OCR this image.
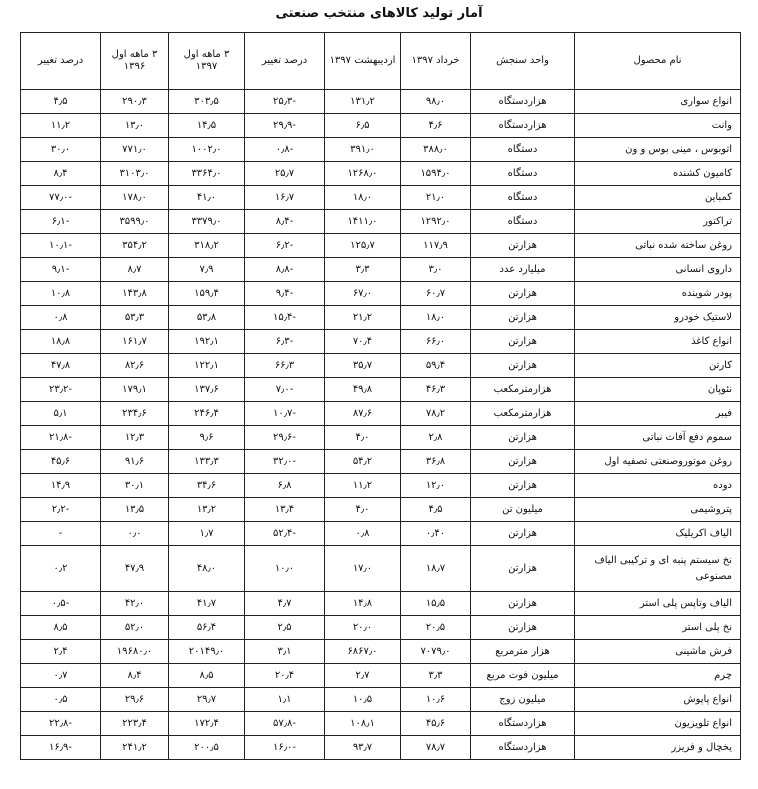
آمار تولید کالاهای منتخب صنعتی
نام محصول	واحد سنجش	خرداد ۱۳۹۷	اردیبهشت ۱۳۹۷	درصد تغییر	۳ ماهه اول ۱۳۹۷	۳ ماهه اول ۱۳۹۶	درصد تغییر
انواع سواری	هزاردستگاه	۹۸٫۰	۱۳۱٫۲	-۲۵٫۳	۳۰۳٫۵	۲۹۰٫۳	۴٫۵
وانت	هزاردستگاه	۴٫۶	۶٫۵	-۲۹٫۹	۱۴٫۵	۱۳٫۰	۱۱٫۲
اتوبوس ، مینی بوس و ون	دستگاه	۳۸۸٫۰	۳۹۱٫۰	-۰٫۸	۱۰۰۲٫۰	۷۷۱٫۰	۳۰٫۰
کامیون کشنده	دستگاه	۱۵۹۴٫۰	۱۲۶۸٫۰	۲۵٫۷	۳۳۶۴٫۰	۳۱۰۳٫۰	۸٫۴
کمباین	دستگاه	۲۱٫۰	۱۸٫۰	۱۶٫۷	۴۱٫۰	۱۷۸٫۰	-۷۷٫۰
تراکتور	دستگاه	۱۲۹۲٫۰	۱۴۱۱٫۰	-۸٫۴	۳۳۷۹٫۰	۳۵۹۹٫۰	-۶٫۱
روغن ساخته شده نباتی	هزارتن	۱۱۷٫۹	۱۲۵٫۷	-۶٫۲	۳۱۸٫۲	۳۵۴٫۲	-۱۰٫۱
داروی انسانی	میلیارد عدد	۳٫۰	۳٫۳	-۸٫۸	۷٫۹	۸٫۷	-۹٫۱
پودر شوینده	هزارتن	۶۰٫۷	۶۷٫۰	-۹٫۴	۱۵۹٫۴	۱۴۳٫۸	۱۰٫۸
لاستیک خودرو	هزارتن	۱۸٫۰	۲۱٫۲	-۱۵٫۴	۵۳٫۸	۵۳٫۳	۰٫۸
انواع کاغذ	هزارتن	۶۶٫۰	۷۰٫۴	-۶٫۳	۱۹۲٫۱	۱۶۱٫۷	۱۸٫۸
کارتن	هزارتن	۵۹٫۴	۳۵٫۷	۶۶٫۳	۱۲۲٫۱	۸۲٫۶	۴۷٫۸
نئوپان	هزارمترمکعب	۴۶٫۳	۴۹٫۸	-۷٫۰	۱۳۷٫۶	۱۷۹٫۱	-۲۳٫۲
فیبر	هزارمترمکعب	۷۸٫۲	۸۷٫۶	-۱۰٫۷	۲۴۶٫۴	۲۳۴٫۶	۵٫۱
سموم دفع آفات نباتی	هزارتن	۲٫۸	۴٫۰	-۲۹٫۶	۹٫۶	۱۲٫۳	-۲۱٫۸
روغن موتوروصنعتی تصفیه اول	هزارتن	۳۶٫۸	۵۴٫۲	-۳۲٫۰	۱۳۳٫۳	۹۱٫۶	۴۵٫۶
دوده	هزارتن	۱۲٫۰	۱۱٫۲	۶٫۸	۳۴٫۶	۳۰٫۱	۱۴٫۹
پتروشیمی	میلیون تن	۴٫۵	۴٫۰	۱۳٫۴	۱۳٫۲	۱۳٫۵	-۲٫۲
الیاف اکریلیک	هزارتن	۰٫۴۰	۰٫۸	-۵۲٫۴	۱٫۷	۰٫۰	-
نخ سیستم پنبه ای و ترکیبی الیاف مصنوعی	هزارتن	۱۸٫۷	۱۷٫۰	۱۰٫۰	۴۸٫۰	۴۷٫۹	۰٫۲
الیاف وتاپس پلی استر	هزارتن	۱۵٫۵	۱۴٫۸	۴٫۷	۴۱٫۷	۴۲٫۰	-۰٫۵
نخ پلی استر	هزارتن	۲۰٫۵	۲۰٫۰	۲٫۵	۵۶٫۴	۵۲٫۰	۸٫۵
فرش ماشینی	هزار مترمربع	۷۰۷۹٫۰	۶۸۶۷٫۰	۳٫۱	۲۰۱۴۹٫۰	۱۹۶۸۰٫۰	۲٫۴
چرم	میلیون فوت مربع	۳٫۳	۲٫۷	۲۰٫۴	۸٫۵	۸٫۴	۰٫۷
انواع پاپوش	میلیون زوج	۱۰٫۶	۱۰٫۵	۱٫۱	۲۹٫۷	۲۹٫۶	۰٫۵
انواع تلویزیون	هزاردستگاه	۴۵٫۶	۱۰۸٫۱	-۵۷٫۸	۱۷۲٫۴	۲۲۳٫۴	-۲۲٫۸
یخچال و فریزر	هزاردستگاه	۷۸٫۷	۹۳٫۷	-۱۶٫۰	۲۰۰٫۵	۲۴۱٫۲	-۱۶٫۹
